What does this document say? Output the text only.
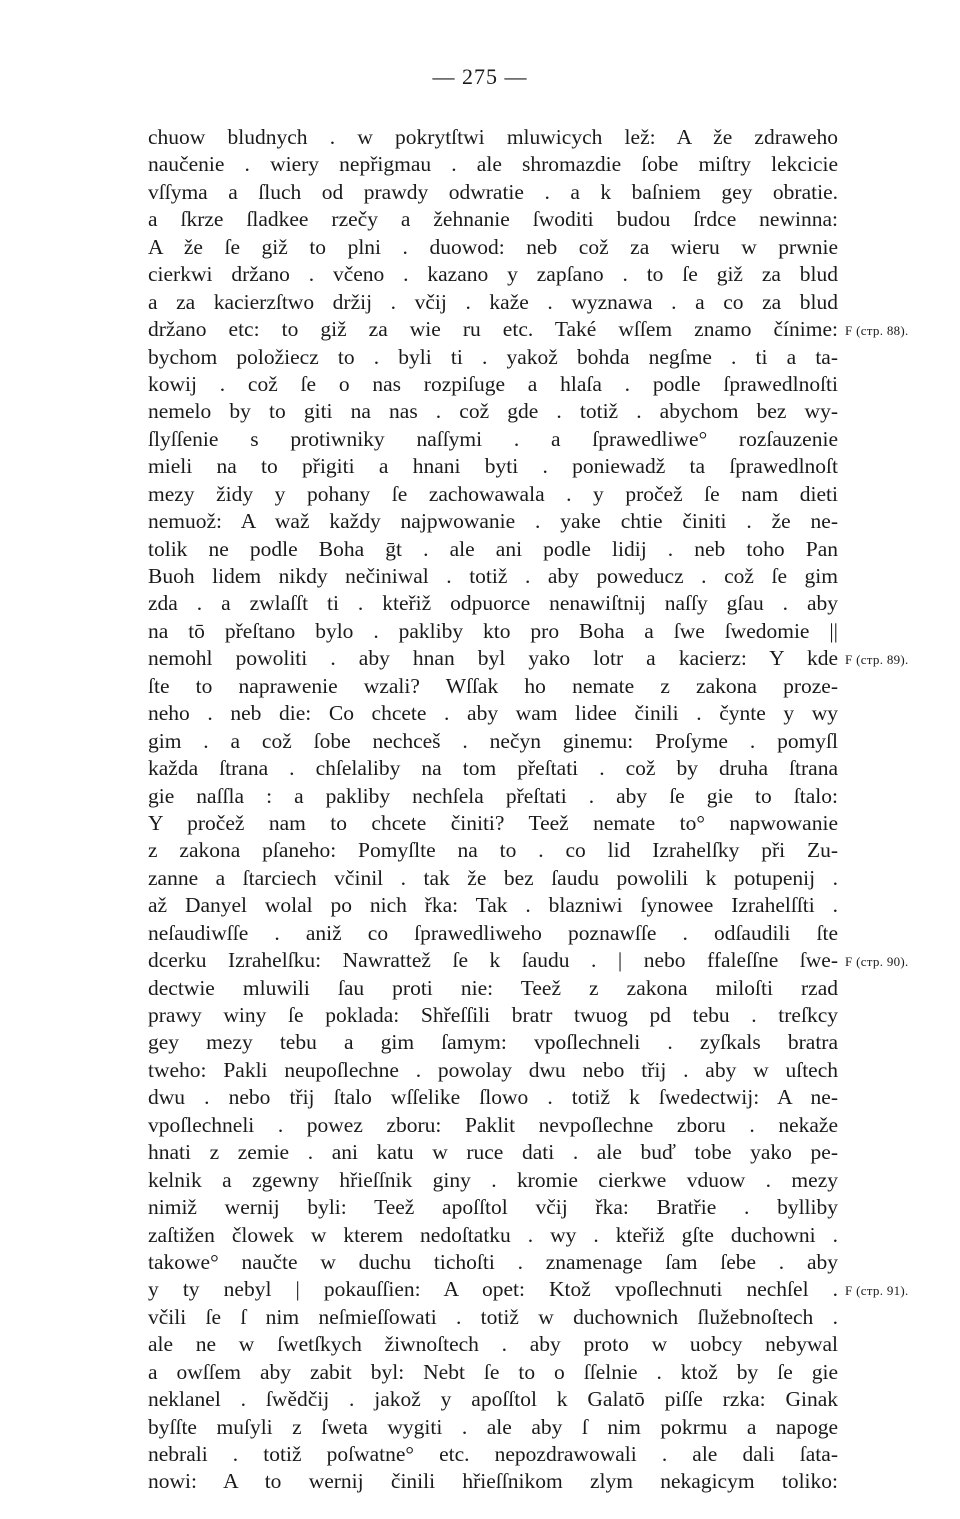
— 275 —
chuow bludnych . w pokrytſtwi mluwicych lež: A že zdraweho
naučenie . wiery nepřigmau . ale shromazdie ſobe miſtry lekcicie
vſſyma a ſluch od prawdy odwratie . a k baſniem gey obratie.
a ſkrze ſladkee rzečy a žehnanie ſwoditi budou ſrdce newinna:
A že ſe giž to plni . duowod: neb což za wieru w prwnie
cierkwi držano . včeno . kazano y zapſano . to ſe giž za blud
a za kacierzſtwo držij . včij . kaže . wyznawa . a co za blud
držano etc: to giž za wie ru etc. Také wſſem znamo čínime:
bychom položiecz to . byli ti . yakož bohda negſme . ti a ta-
kowij . což ſe o nas rozpiſuge a hlaſa . podle ſprawedlnoſti
nemelo by to giti na nas . což gde . totiž . abychom bez wy-
ſlyſſenie s protiwniky naſſymi . a ſprawedliwe° rozſauzenie
mieli na to přigiti a hnani byti . poniewadž ta ſprawedlnoſt
mezy židy y pohany ſe zachowawala . y pročež ſe nam dieti
nemuož: A waž každy najpwowanie . yake chtie činiti . že ne-
tolik ne podle Boha ḡt . ale ani podle lidij . neb toho Pan
Buoh lidem nikdy nečiniwal . totiž . aby poweducz . což ſe gim
zda . a zwlaſſt ti . kteřiž odpuorce nenawiſtnij naſſy gſau . aby
na tō přeſtano bylo . pakliby kto pro Boha a ſwe ſwedomie ||
nemohl powoliti . aby hnan byl yako lotr a kacierz: Y kde
ſte to naprawenie wzali? Wſſak ho nemate z zakona proze-
neho . neb die: Co chcete . aby wam lidee činili . čynte y wy
gim . a což ſobe nechceš . nečyn ginemu: Proſyme . pomyſl
každa ſtrana . chſelaliby na tom přeſtati . což by druha ſtrana
gie naſſla : a pakliby nechſela přeſtati . aby ſe gie to ſtalo:
Y pročež nam to chcete činiti? Teež nemate to° napwowanie
z zakona pſaneho: Pomyſlte na to . co lid Izrahelſky při Zu-
zanne a ſtarciech včinil . tak že bez ſaudu powolili k potupenij .
až Danyel wolal po nich řka: Tak . blazniwi ſynowee Izrahelſſti .
neſaudiwſſe . aniž co ſprawedliweho poznawſſe . odſaudili ſte
dcerku Izrahelſku: Nawrattež ſe k ſaudu . | nebo ffaleſſne ſwe-
dectwie mluwili ſau proti nie: Teež z zakona miloſti rzad
prawy winy ſe poklada: Shřeſſili bratr twuog pd tebu . treſkcy
gey mezy tebu a gim ſamym: vpoſlechneli . zyſkals bratra
tweho: Pakli neupoſlechne . powolay dwu nebo třij . aby w uſtech
dwu . nebo třij ſtalo wſſelike ſlowo . totiž k ſwedectwij: A ne-
vpoſlechneli . powez zboru: Paklit nevpoſlechne zboru . nekaže
hnati z zemie . ani katu w ruce dati . ale buď tobe yako pe-
kelnik a zgewny hřieſſnik giny . kromie cierkwe vduow . mezy
nimiž wernij byli: Teež apoſſtol včij řka: Bratřie . bylliby
zaſtižen člowek w kterem nedoſtatku . wy . kteřiž gſte duchowni .
takowe° naučte w duchu tichoſti . znamenage ſam ſebe . aby
y ty nebyl | pokauſſien: A opet: Ktož vpoſlechnuti nechſel .
včili ſe ſ nim neſmieſſowati . totiž w duchownich ſlužebnoſtech .
ale ne w ſwetſkych žiwnoſtech . aby proto w uobcy nebywal
a owſſem aby zabit byl: Nebt ſe to o ſſelnie . ktož by ſe gie
neklanel . ſwědčij . jakož y apoſſtol k Galatō piſſe rzka: Ginak
byſſte muſyli z ſweta wygiti . ale aby ſ nim pokrmu a napoge
nebrali . totiž poſwatne° etc. nepozdrawowali . ale dali ſata-
nowi: A to wernij činili hřieſſnikom zlym nekagicym toliko:
F (стр. 88).
F (стр. 89).
F (стр. 90).
F (стр. 91).
